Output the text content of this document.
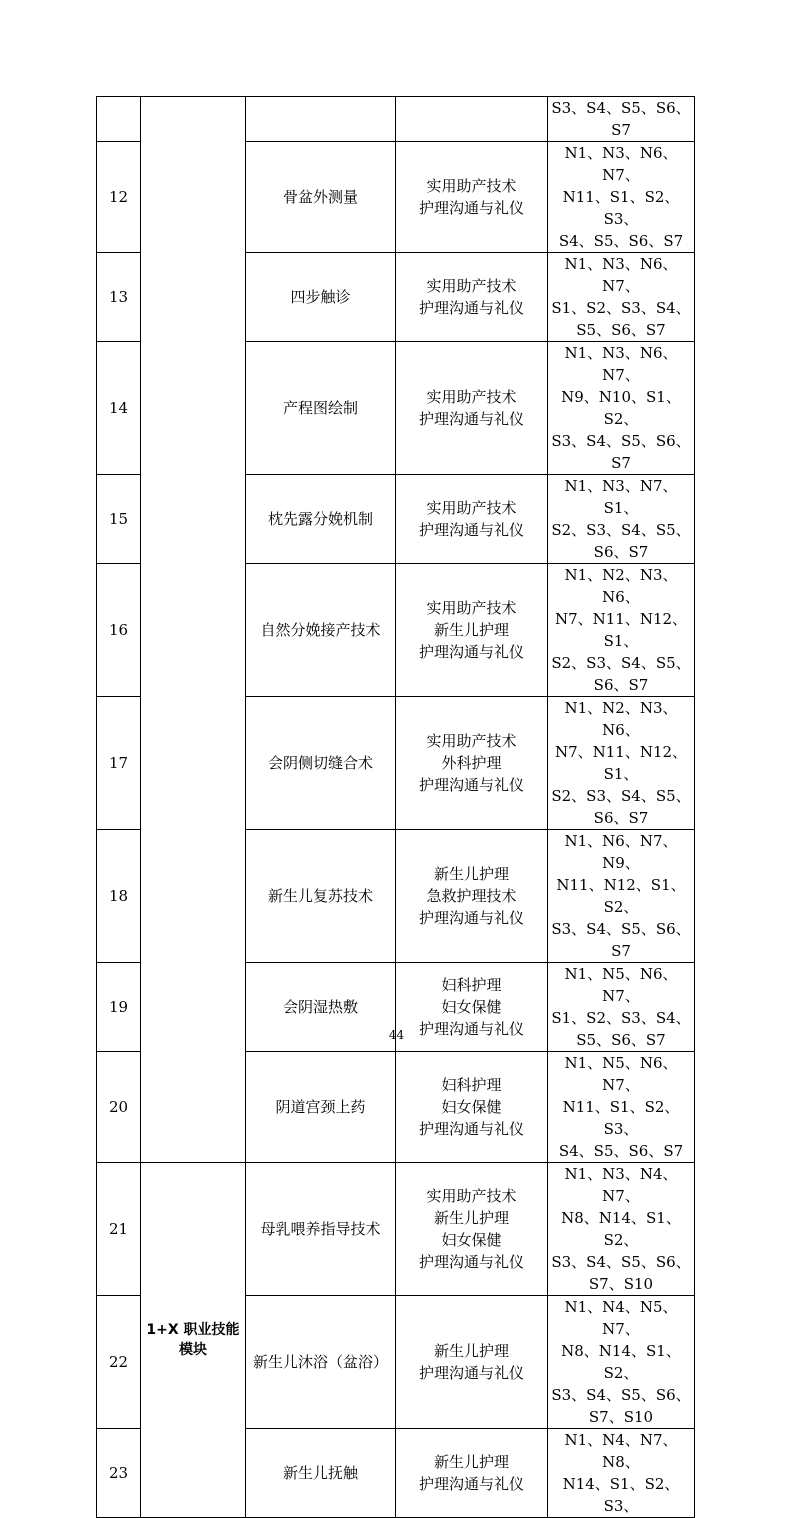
				S3、S4、S5、S6、
S7

12		骨盆外测量	实用助产技术
护理沟通与礼仪	N1、N3、N6、N7、
N11、S1、S2、S3、
S4、S5、S6、S7

13		四步触诊	实用助产技术
护理沟通与礼仪	N1、N3、N6、N7、
S1、S2、S3、S4、
S5、S6、S7

14		产程图绘制	实用助产技术
护理沟通与礼仪	N1、N3、N6、N7、
N9、N10、S1、S2、
S3、S4、S5、S6、
S7

15		枕先露分娩机制	实用助产技术
护理沟通与礼仪	N1、N3、N7、S1、
S2、S3、S4、S5、
S6、S7

16		自然分娩接产技术	实用助产技术
新生儿护理
护理沟通与礼仪	N1、N2、N3、N6、
N7、N11、N12、S1、
S2、S3、S4、S5、
S6、S7

17		会阴侧切缝合术	实用助产技术
外科护理
护理沟通与礼仪	N1、N2、N3、N6、
N7、N11、N12、S1、
S2、S3、S4、S5、
S6、S7

18		新生儿复苏技术	新生儿护理
急救护理技术
护理沟通与礼仪	N1、N6、N7、N9、
N11、N12、S1、S2、
S3、S4、S5、S6、
S7

19		会阴湿热敷	妇科护理
妇女保健
护理沟通与礼仪	N1、N5、N6、N7、
S1、S2、S3、S4、
S5、S6、S7

20		阴道宫颈上药	妇科护理
妇女保健
护理沟通与礼仪	N1、N5、N6、N7、
N11、S1、S2、S3、
S4、S5、S6、S7

21	1+X 职业技能模块	母乳喂养指导技术	实用助产技术
新生儿护理
妇女保健
护理沟通与礼仪	N1、N3、N4、N7、
N8、N14、S1、S2、
S3、S4、S5、S6、
S7、S10

22		新生儿沐浴（盆浴）	新生儿护理
护理沟通与礼仪	N1、N4、N5、N7、
N8、N14、S1、S2、
S3、S4、S5、S6、
S7、S10

23		新生儿抚触	新生儿护理
护理沟通与礼仪	N1、N4、N7、N8、
N14、S1、S2、S3、
44
